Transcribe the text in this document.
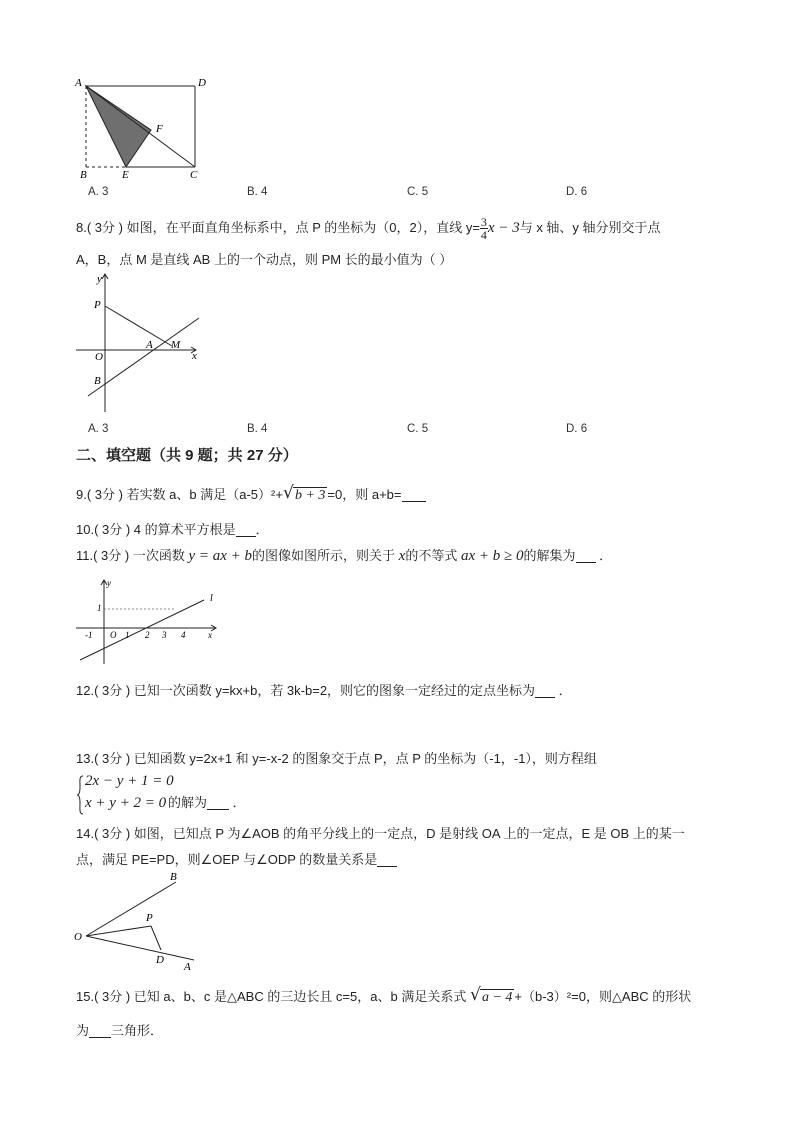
A	D
F
B	E	C
A. 3	B. 4	C. 5	D. 6
8.( 3分 ) 如图，在平面直角坐标系中，点 P 的坐标为（0，2），直线 $y= \frac{3}{4}$ x − 3与 x 轴、y 轴分别交于点
A，B，点 M 是直线 AB 上的一个动点，则 PM 长的最小值为（ ）
y
P
O
A M
x
B
A. 3	B. 4	C. 5	D. 6
二、填空题（共 9 题；共 27 分）
9.( 3分 ) 若实数 a、b 满足（a-5）²+ √ b + 3 =0，则 a+b=
10.( 3分 ) 4 的算术平方根是 ．
11.( 3分 ) 一次函数 y = ax + b的图像如图所示，则关于 x的不等式 ax + b ≥ 0的解集为 ．
y
1
l
-1 O 1 2 3 4	x
12.( 3分 ) 已知一次函数 y=kx+b，若 3k-b=2，则它的图象一定经过的定点坐标为 ．
13.( 3分 ) 已知函数 y=2x+1 和 y=-x-2 的图象交于点 P，点 P 的坐标为（-1，-1），则方程组
2x − y + 1 = 0
x + y + 2 = 0 的解为 ．
14.( 3分 ) 如图，已知点 P 为∠AOB 的角平分线上的一定点，D 是射线 OA 上的一定点，E 是 OB 上的某一
点，满足 PE=PD，则∠OEP 与∠ODP 的数量关系是
B
P
O
D
A
15.( 3分 ) 已知 a、b、c 是△ABC 的三边长且 c=5，a、b 满足关系式 √ a − 4 +（b-3）²=0，则△ABC 的形状
为 三角形．
